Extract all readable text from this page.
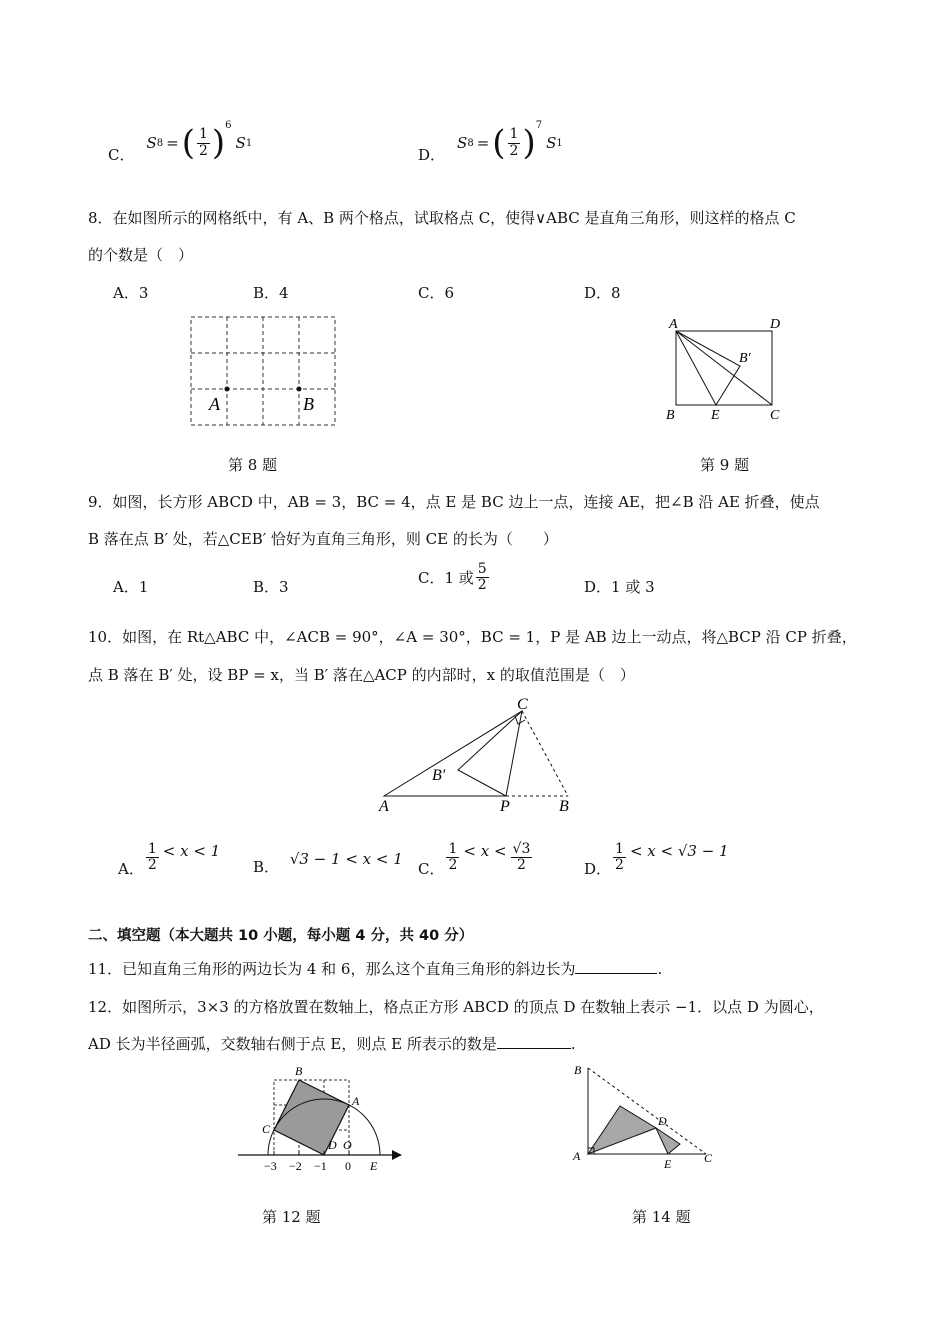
C．
S 8 = ( $\frac{1}{2}$ ) 6
S 1
D．
S 8 = ( $\frac{1}{2}$ ) 7
S 1
8．在如图所示的网格纸中，有 A、B 两个格点，试取格点 C，使得∨ABC 是直角三角形，则这样的格点 C
的个数是（　）
A．3	B．4	C．6	D．8
A	B
第 8 题
A	D
B′
B	E	C
第 9 题
9．如图，长方形 ABCD 中，AB = 3，BC = 4，点 E 是 BC 边上一点，连接 AE，把∠B 沿 AE 折叠，使点
B 落在点 B′ 处，若△CEB′ 恰好为直角三角形，则 CE 的长为（　　）
A．1	B．3	C．1 或 $\frac{5}{2}$	D．1 或 3
10．如图，在 Rt△ABC 中，∠ACB = 90°，∠A = 30°，BC = 1，P 是 AB 边上一动点，将△BCP 沿 CP 折叠，
点 B 落在 B′ 处，设 BP = x，当 B′ 落在△ACP 的内部时，x 的取值范围是（　）
C
B′
A	P	B
A． $\frac{1}{2} < x < 1$
B． √3 − 1 < x < 1
C． $\frac{1}{2} < x < \frac{√3}{2}$	D． $\frac{1}{2} < x < √3 - 1$
二、填空题（本大题共 10 小题，每小题 4 分，共 40 分）
11．已知直角三角形的两边长为 4 和 6，那么这个直角三角形的斜边长为	.
12．如图所示，3×3 的方格放置在数轴上，格点正方形 ABCD 的顶点 D 在数轴上表示 −1．以点 D 为圆心，
AD 长为半径画弧，交数轴右侧于点 E，则点 E 所表示的数是	.
B
A
C
D O
E
−3 −2 −1 0
第 12 题
B
D
A
E	C
第 14 题
